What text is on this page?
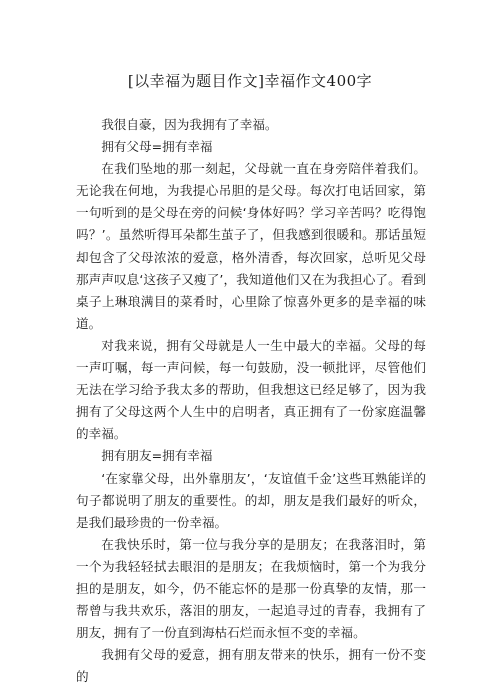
[以幸福为题目作文]幸福作文400字

我很自豪，因为我拥有了幸福。

拥有父母=拥有幸福

在我们坠地的那一刻起，父母就一直在身旁陪伴着我们。无论我在何地，为我提心吊胆的是父母。每次打电话回家，第一句听到的是父母在旁的问候‘身体好吗？学习辛苦吗？吃得饱吗？’。虽然听得耳朵都生茧子了，但我感到很暖和。那话虽短却包含了父母浓浓的爱意，格外清香，每次回家，总听见父母那声声叹息‘这孩子又瘦了’，我知道他们又在为我担心了。看到桌子上琳琅满目的菜肴时，心里除了惊喜外更多的是幸福的味道。

对我来说，拥有父母就是人一生中最大的幸福。父母的每一声叮嘱，每一声问候，每一句鼓励，没一顿批评，尽管他们无法在学习给予我太多的帮助，但我想这已经足够了，因为我拥有了父母这两个人生中的启明者，真正拥有了一份家庭温馨的幸福。

拥有朋友=拥有幸福

‘在家靠父母，出外靠朋友’，‘友谊值千金’这些耳熟能详的句子都说明了朋友的重要性。的却，朋友是我们最好的听众，是我们最珍贵的一份幸福。

在我快乐时，第一位与我分享的是朋友；在我落泪时，第一个为我轻轻拭去眼泪的是朋友；在我烦恼时，第一个为我分担的是朋友，如今，仍不能忘怀的是那一份真挚的友情，那一帮曾与我共欢乐，落泪的朋友，一起追寻过的青春，我拥有了朋友，拥有了一份直到海枯石烂而永恒不变的幸福。

我拥有父母的爱意，拥有朋友带来的快乐，拥有一份不变的
